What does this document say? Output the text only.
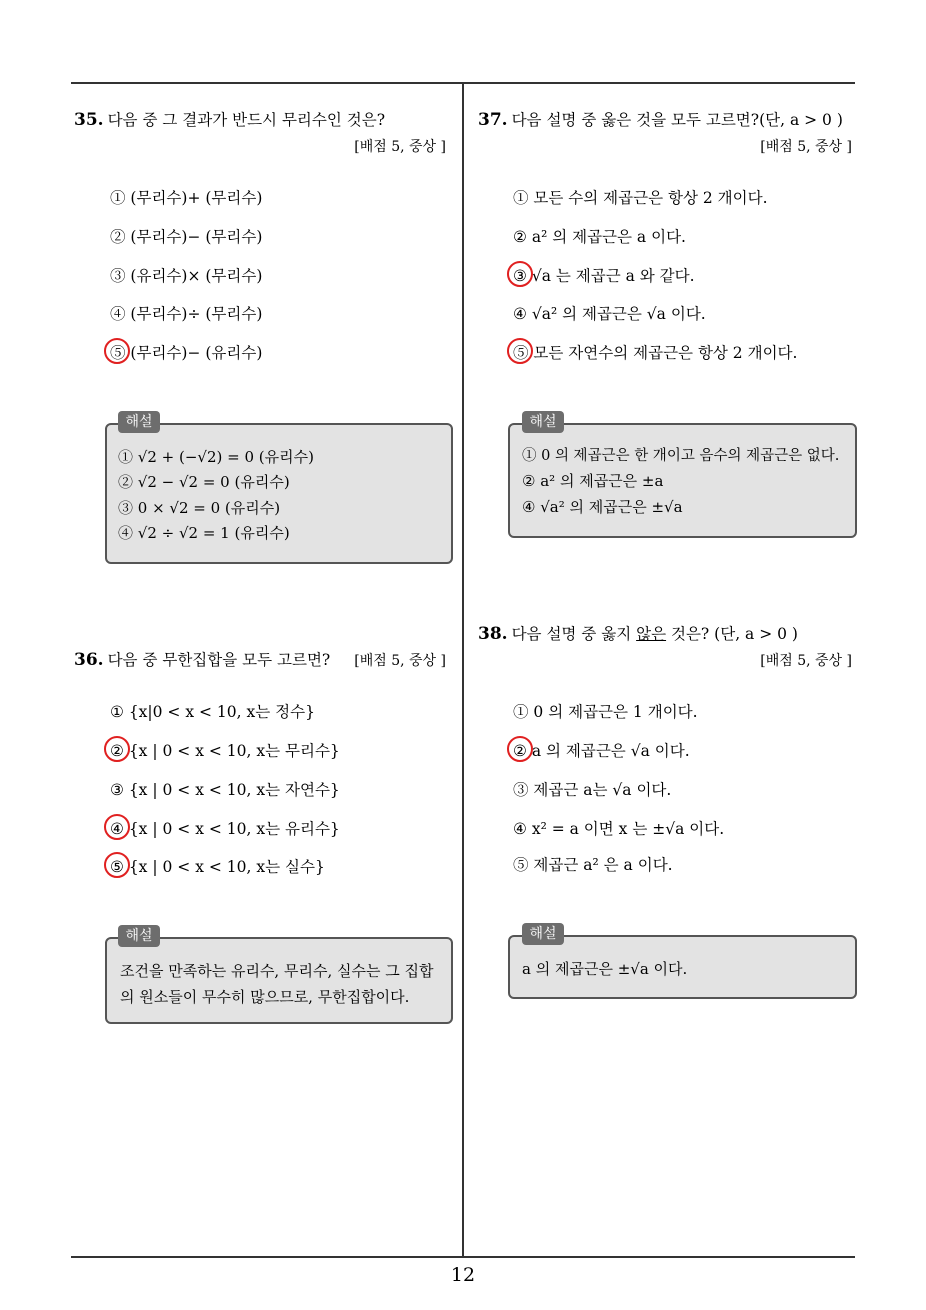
12
35. 다음 중 그 결과가 반드시 무리수인 것은?
[배점 5, 중상 ]
① (무리수)+ (무리수)
② (무리수)− (무리수)
③ (유리수)× (무리수)
④ (무리수)÷ (무리수)
⑤ (무리수)− (유리수)
해설
① √2 + (−√2) = 0 (유리수)
② √2 − √2 = 0 (유리수)
③ 0 × √2 = 0 (유리수)
④ √2 ÷ √2 = 1 (유리수)
36. 다음 중 무한집합을 모두 고르면? [배점 5, 중상 ]
① {x|0 < x < 10, x는 정수}
② {x | 0 < x < 10, x는 무리수}
③ {x | 0 < x < 10, x는 자연수}
④ {x | 0 < x < 10, x는 유리수}
⑤ {x | 0 < x < 10, x는 실수}
해설
조건을 만족하는 유리수, 무리수, 실수는 그 집합
의 원소들이 무수히 많으므로, 무한집합이다.
37. 다음 설명 중 옳은 것을 모두 고르면?(단, a > 0 )
[배점 5, 중상 ]
① 모든 수의 제곱근은 항상 2 개이다.
② a² 의 제곱근은 a 이다.
③ √a 는 제곱근 a 와 같다.
④ √a² 의 제곱근은 √a 이다.
⑤ 모든 자연수의 제곱근은 항상 2 개이다.
해설
① 0 의 제곱근은 한 개이고 음수의 제곱근은 없다.
② a² 의 제곱근은 ±a
④ √a² 의 제곱근은 ±√a
38. 다음 설명 중 옳지 않은 것은? (단, a > 0 )
[배점 5, 중상 ]
① 0 의 제곱근은 1 개이다.
② a 의 제곱근은 √a 이다.
③ 제곱근 a는 √a 이다.
④ x² = a 이면 x 는 ±√a 이다.
⑤ 제곱근 a² 은 a 이다.
해설
a 의 제곱근은 ±√a 이다.
